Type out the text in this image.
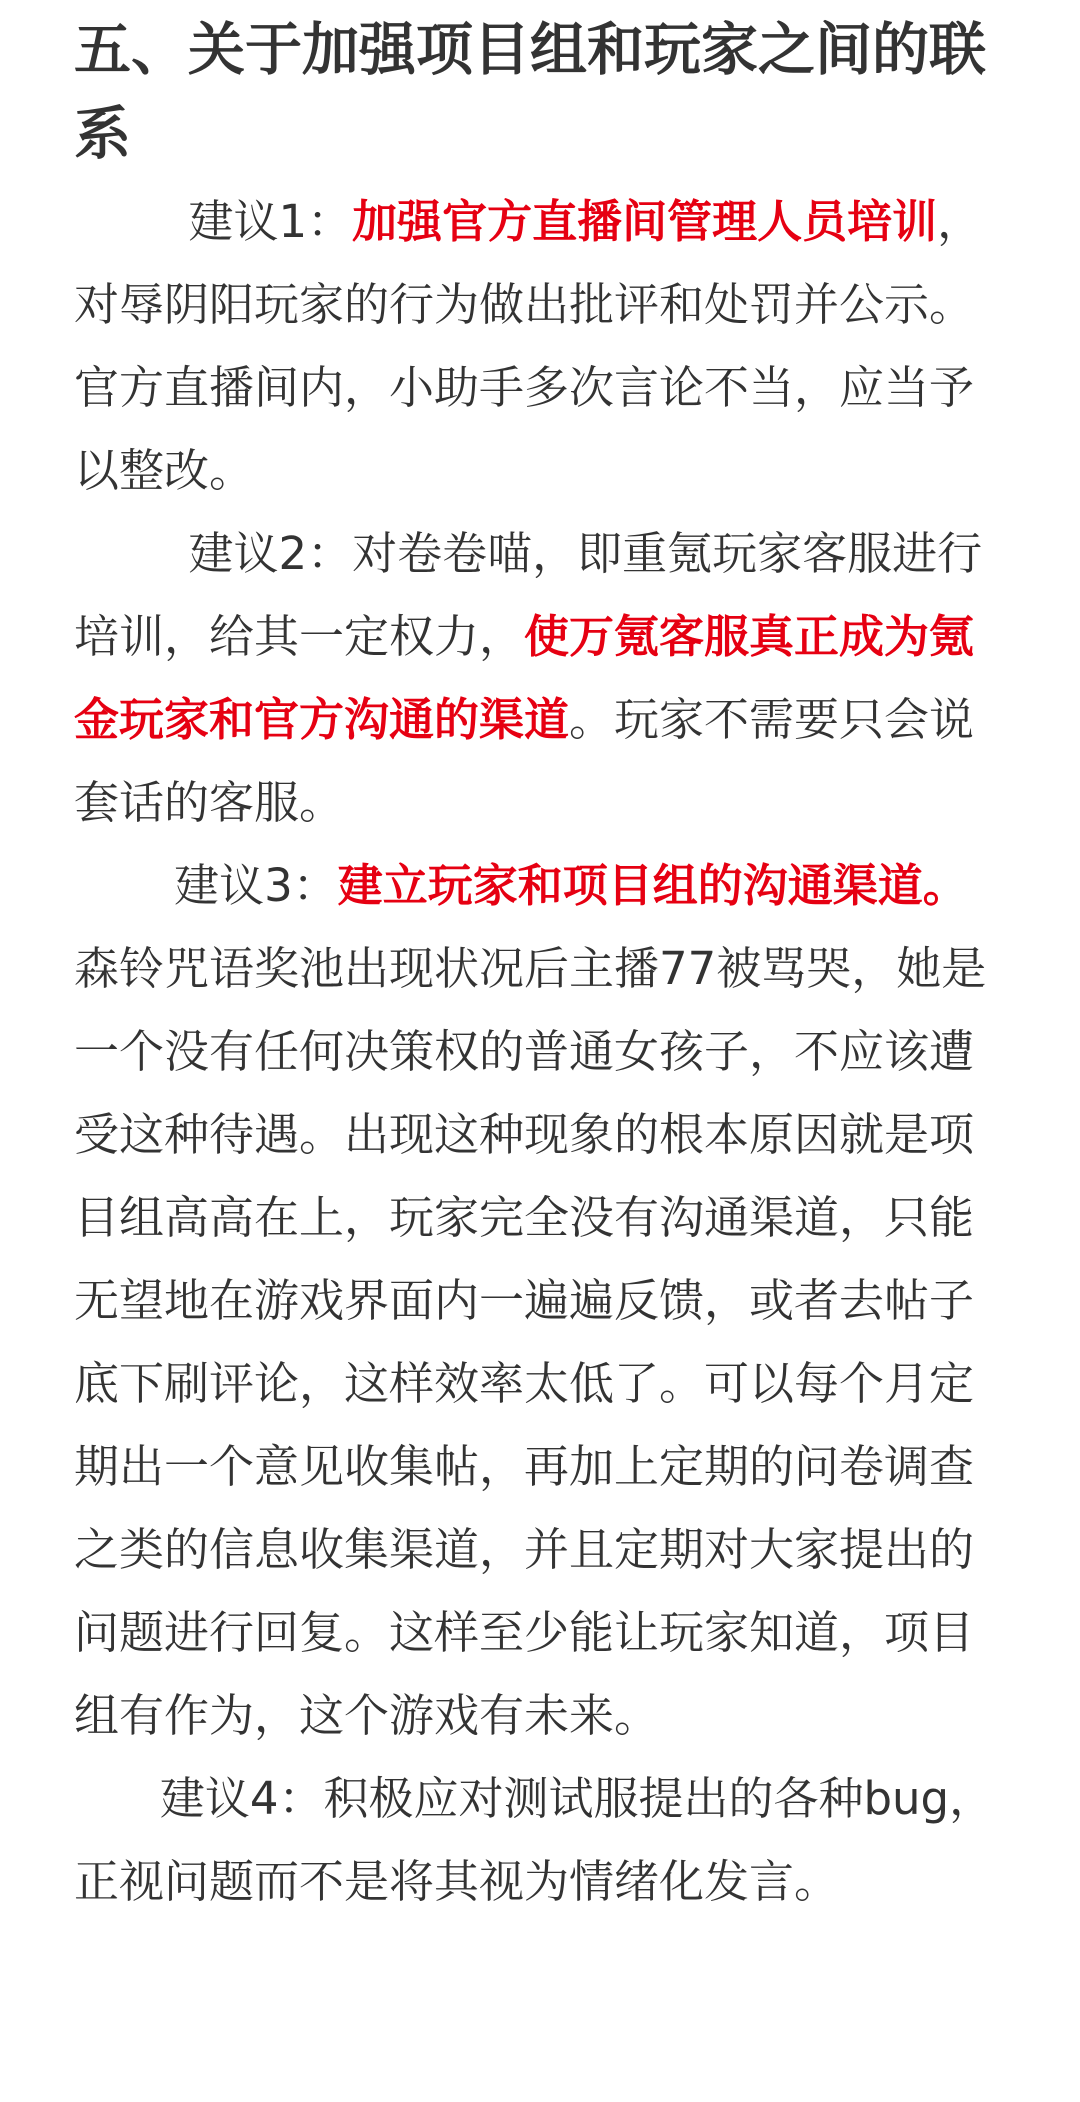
五、关于加强项目组和玩家之间的联系

建议1：加强官方直播间管理人员培训，对辱阴阳玩家的行为做出批评和处罚并公示。官方直播间内，小助手多次言论不当，应当予以整改。

建议2：对卷卷喵，即重氪玩家客服进行培训，给其一定权力，使万氪客服真正成为氪金玩家和官方沟通的渠道。玩家不需要只会说套话的客服。

建议3：建立玩家和项目组的沟通渠道。森铃咒语奖池出现状况后主播77被骂哭，她是一个没有任何决策权的普通女孩子，不应该遭受这种待遇。出现这种现象的根本原因就是项目组高高在上，玩家完全没有沟通渠道，只能无望地在游戏界面内一遍遍反馈，或者去帖子底下刷评论，这样效率太低了。可以每个月定期出一个意见收集帖，再加上定期的问卷调查之类的信息收集渠道，并且定期对大家提出的问题进行回复。这样至少能让玩家知道，项目组有作为，这个游戏有未来。

建议4：积极应对测试服提出的各种bug，正视问题而不是将其视为情绪化发言。
